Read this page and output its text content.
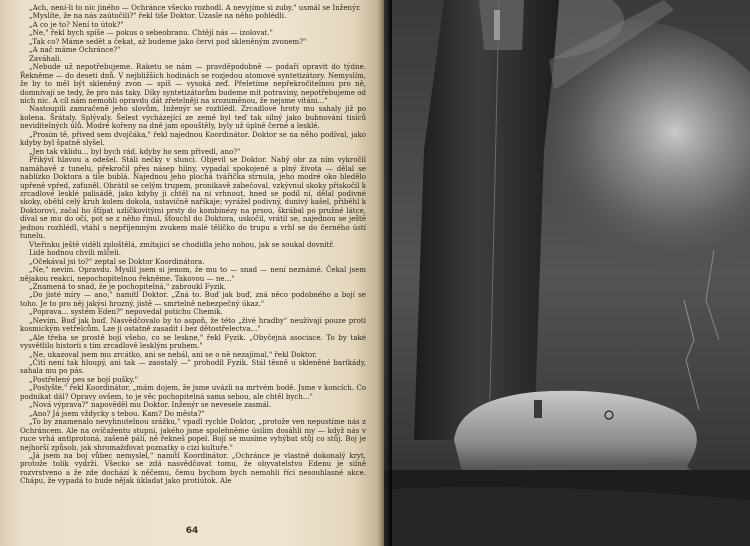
„Ach, není-li to nic jiného — Ochránce všecko rozhodl. A nevyjíme si zuby," usmál se Inženýr.

„Myslíte, že na nás zaútočili?" řekl tiše Doktor. Uzasle na něho pohlédli.

„A co je to? Není to útok?"

„Ne," řekl bych spíše — pokus o sebeobranu. Chtějí nás — izolovat."

„Tak co? Máme sedět a čekat, až budeme jako červi pod skleněným zvonem?"

„A nač máme Ochránce?"

Zaváhali.

„Nebude už nepotřebujeme. Raketu se nám — pravděpodobně — podaří opravit do týdne. Řekněme — do deseti dnů. V nejbližších hodinách se rozjedou atomové syntetizátory. Nemyslím, že by to měl být skleněný zvon — spíš — vysoká zeď. Přeletíme nepřekročitelnou pro ně, domnívají se tedy, že pro nás taky. Díky syntetizátorům budeme mít potraviny, nepotřebujeme od nich nic. A cíl nám nemohli opravdu dát zřetelněji na srozuměnou, že nejsme vítáni..."

Nastoupili zamračeně jeho slovům, Inženýr se rozhlédl. Zrcadlové hroty mu sahaly již po kolena. Šrátaly. Splývaly. Šelest vycházející ze země byl teď tak silný jako bubnování tisíců neviditelných úlů. Modré kořeny na dně jam opouštěly, byly už úplně černé a lesklé.

„Prosím tě, přived sem dvojčáka," řekl najednou Koordinátor. Doktor se na něho podíval, jako kdyby byl špatně slyšel.

„Jen tak vklidu... byl bych rád, kdyby ho sem přivedl, ano?"

Přikývl hlavou a odešel. Stáli nečky v slunci. Objevil se Doktor. Nahý obr za ním vykročil namáhavě z tunelu, překročil přes násep hlíny, vypadal spokojeně a plný života — dělal se nablízko Doktora a tile bublá. Najednou jeho plochá tvářička strnula, jeho modré oko hledělo upřeně vpřed, zaťuněl. Obrátil se celým trupem, pronikavě zabečoval, vzkývnul skoky přiskočil k zrcadlové lesklé palisádě, jako kdyby ji chtěl na ni vrhnout, hned se podíl ní, dělal podivné skoky, oběhl celý kruh kolem dokola, ustavičně naříkaje; vyrážel podivný, dunivý kašel, přiběhl k Doktorovi, začal ho šťípat uzlíčkovitými prsty do kombinézy na prsou, škrábal po pružné látce, díval se mu do očí, pot se z něho řinul, šťouchl do Doktora, uskočil, vrátil se, najednou se ještě jednou rozhlédl, vtáhl s nepříjemným zvukem malé tělíčko do trupu a vrhl se do černého ústí tunelu.

Vteřinku ještě viděli zploštělá, zmítající se chodidla jeho nohou, jak se soukal dovnitř.

Lidé hodnou chvíli mlčeli.

„Očekával jsi to?" zeptal se Doktor Koordinátora.

„Ne," nevím. Opravdu. Myslil jsem si jenom, že mu to — snad — není neznámé. Čekal jsem nějakou reakci, nepochopitelnou řekněme. Takovou — ne..."

„Znamená to snad, že je pochopitelná," zabroukl Fyzik.

„Do jisté míry — ano," namítl Doktor. „Zná to. Buď jak buď, zná něco podobného a bojí se toho. Je to pro něj jakýsi hrozný, jistě — smrtelně nebezpečný úkaz."

„Poprava... systém Eden?" nepovedal potichu Chemik.

„Nevím. Buď jak buď. Nasvědčovalo by to aspoň, že této „živé hradby" neužívají pouze proti kosmickým vetřelcům. Lze ji ostatně zasadit i bez dětostřelectva..."

„Ale třeba se prostě bojí všeho, co se leskne," řekl Fyzik. „Obyčejná asociace. To by také vysvětlilo historii s tím zrcadlově lesklým pruhem."

„Ne, ukazoval jsem mu zrcátko, ani se nebál, ani se o ně nezajímal," řekl Doktor.

„Čití není tak hloupý, ani tak — zaostalý —" prohodil Fyzik. Stál těsně u skleněné barikády, sahala mu po pás.

„Postřelený pes se bojí pušky."

„Poslyšte," řekl Koordinátor, „mám dojem, že jsme uvázli na mrtvém bodě. Jsme v koncích. Co podnikat dál? Opravy ovšem, to je věc pochopitelná sama sebou, ale chtěl bych..."

„Nová výprava?" napověděl mu Doktor. Inženýr se nevesele zasmál.

„Ano? Já jsem vždycky s tebou. Kam? Do města?"

„To by znamenalo nevyhnutelnou srážku," vpadl rychle Doktor, „protože ven nepustíme nás z Ochráncem. Ale na ovíčažentu stupni, jakého jsme spolehněme úsilím dosáhli my — když nás v ruce vrhá antiprotoná, zašeně páli, ně řekneš popel. Bojí se musíme vyhýbat stůj co stůj. Boj je nejhorší způsob, jak shromažďovat poznatky o cizí kultuře."

„Já jsem na boj vůbec nemyslel," namítl Koordinátor. „Ochránce je vlastně dokonalý kryt, protože tolik vydrží. Všecko se zdá nasvědčovat tomu, že obyvatelstvo Edenu je silně rozvrstveno a že zde dochází k něčemu, čemu bychom bych nemohli říci nesouhlasné akce. Chápu, že vypadá to bude nějak úkladat jako protiútok. Ale

64
